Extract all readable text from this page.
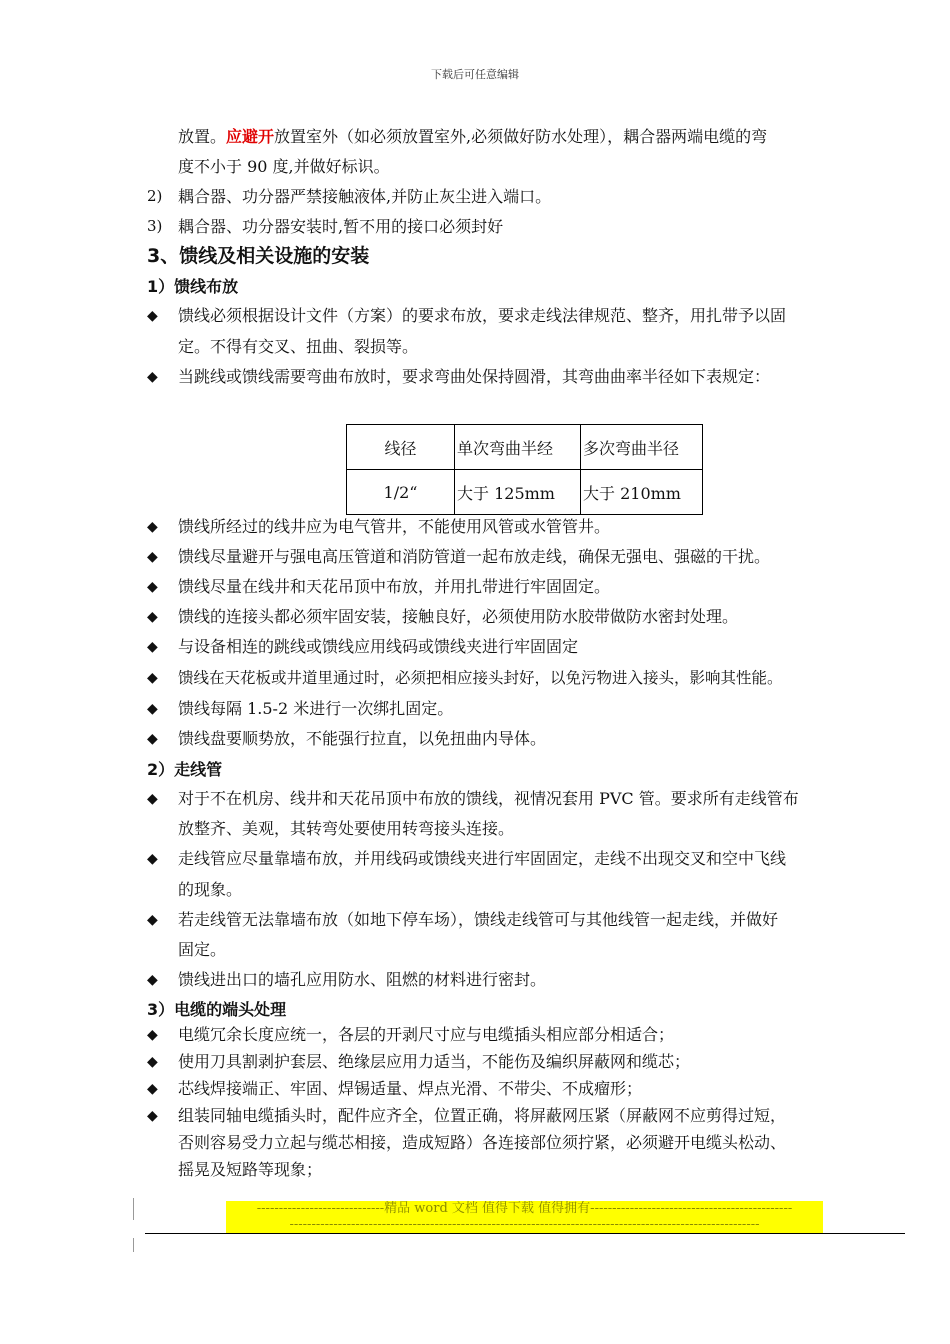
下载后可任意编辑
放置。应避开放置室外（如必须放置室外,必须做好防水处理），耦合器两端电缆的弯
度不小于 90 度,并做好标识。
2) 耦合器、功分器严禁接触液体,并防止灰尘进入端口。
3) 耦合器、功分器安装时,暂不用的接口必须封好
3、馈线及相关设施的安装
1）馈线布放
◆ 馈线必须根据设计文件（方案）的要求布放，要求走线法律规范、整齐，用扎带予以固
定。不得有交叉、扭曲、裂损等。
◆ 当跳线或馈线需要弯曲布放时，要求弯曲处保持圆滑，其弯曲曲率半径如下表规定：
线径	单次弯曲半经	多次弯曲半径
1/2“	大于 125mm	大于 210mm
◆ 馈线所经过的线井应为电气管井，不能使用风管或水管管井。
◆ 馈线尽量避开与强电高压管道和消防管道一起布放走线，确保无强电、强磁的干扰。
◆ 馈线尽量在线井和天花吊顶中布放，并用扎带进行牢固固定。
◆ 馈线的连接头都必须牢固安装，接触良好，必须使用防水胶带做防水密封处理。
◆ 与设备相连的跳线或馈线应用线码或馈线夹进行牢固固定
◆ 馈线在天花板或井道里通过时，必须把相应接头封好，以免污物进入接头，影响其性能。
◆ 馈线每隔 1.5-2 米进行一次绑扎固定。
◆ 馈线盘要顺势放，不能强行拉直，以免扭曲内导体。
2）走线管
◆ 对于不在机房、线井和天花吊顶中布放的馈线，视情况套用 PVC 管。要求所有走线管布
放整齐、美观，其转弯处要使用转弯接头连接。
◆ 走线管应尽量靠墙布放，并用线码或馈线夹进行牢固固定，走线不出现交叉和空中飞线
的现象。
◆ 若走线管无法靠墙布放（如地下停车场），馈线走线管可与其他线管一起走线，并做好
固定。
◆ 馈线进出口的墙孔应用防水、阻燃的材料进行密封。
3）电缆的端头处理
◆ 电缆冗余长度应统一，各层的开剥尺寸应与电缆插头相应部分相适合；
◆ 使用刀具割剥护套层、绝缘层应用力适当，不能伤及编织屏蔽网和缆芯；
◆ 芯线焊接端正、牢固、焊锡适量、焊点光滑、不带尖、不成瘤形；
◆ 组装同轴电缆插头时，配件应齐全，位置正确，将屏蔽网压紧（屏蔽网不应剪得过短，
否则容易受力立起与缆芯相接，造成短路）各连接部位须拧紧，必须避开电缆头松动、
摇晃及短路等现象；
-----------------------------精品 word 文档 值得下载 值得拥有----------------------------------------------
-----------------------------------------------------------------------------------------------------------
